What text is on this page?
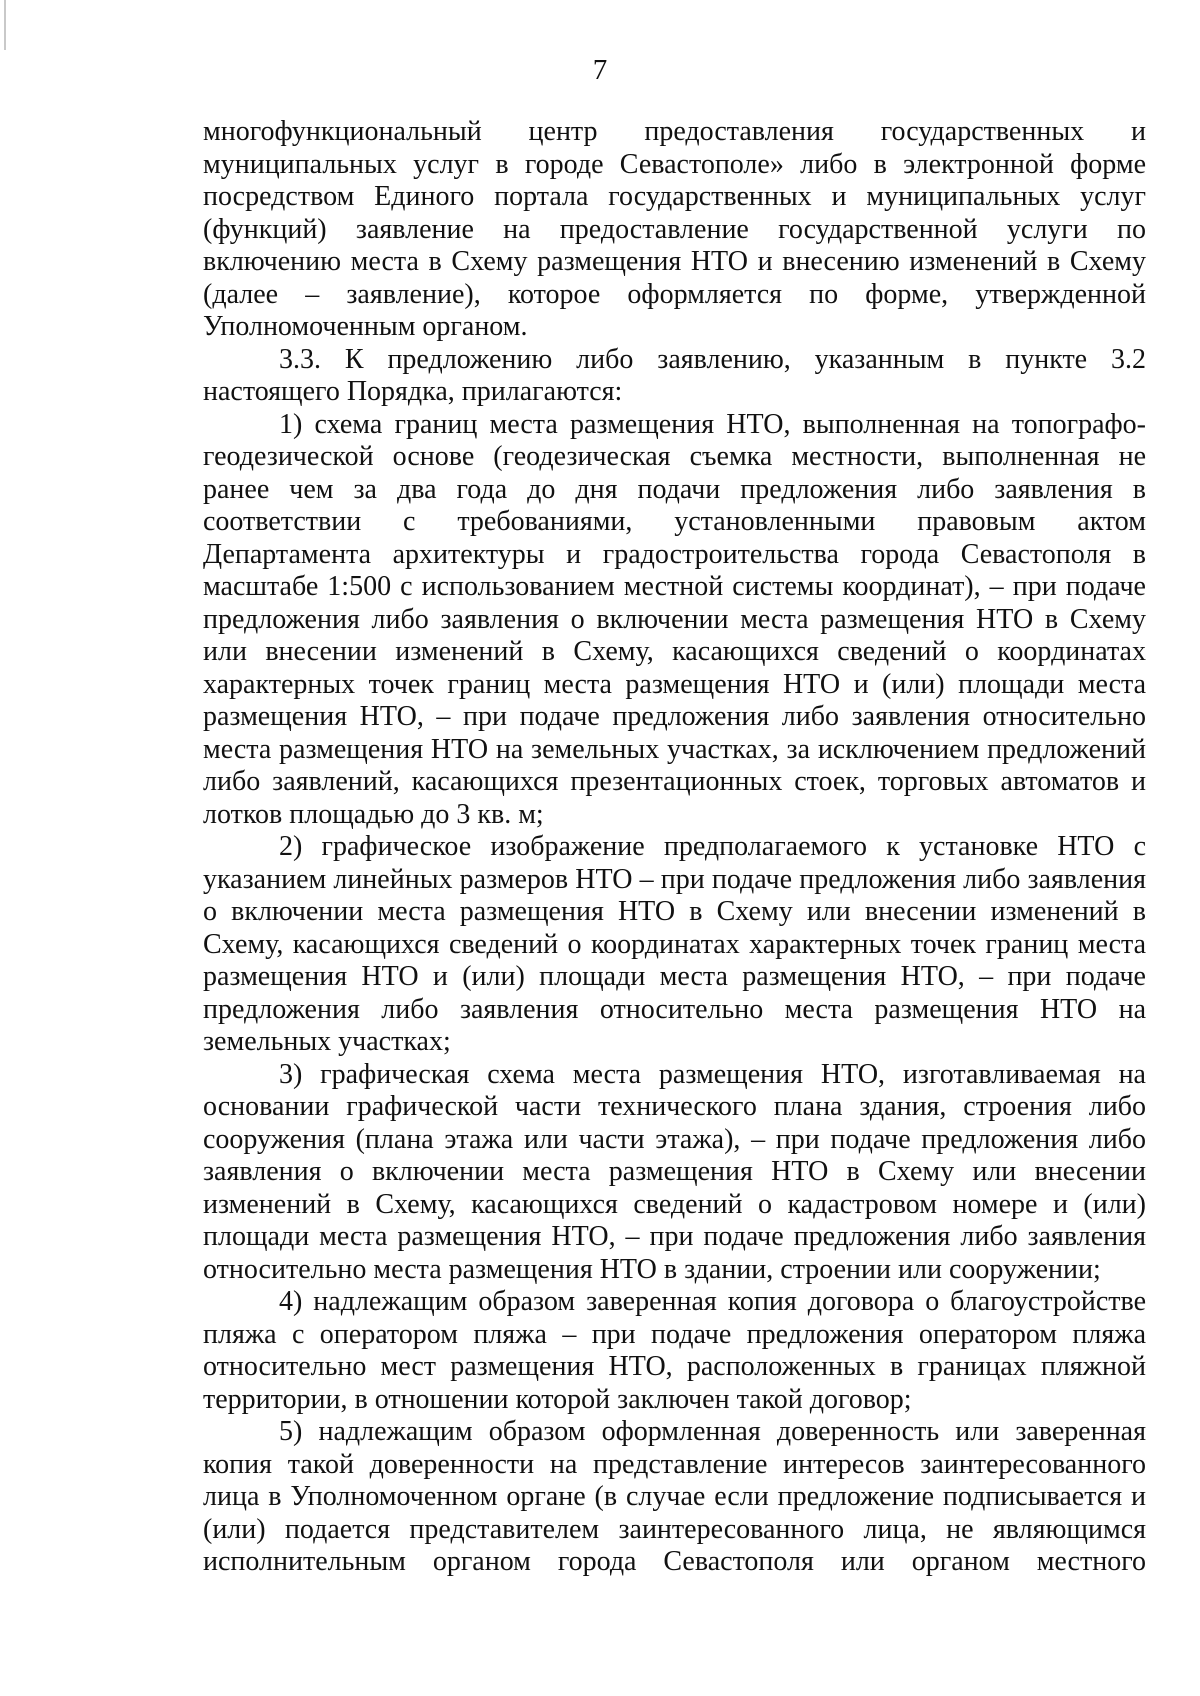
7

многофункциональный центр предоставления государственных и муниципальных услуг в городе Севастополе» либо в электронной форме посредством Единого портала государственных и муниципальных услуг (функций) заявление на предоставление государственной услуги по включению места в Схему размещения НТО и внесению изменений в Схему (далее – заявление), которое оформляется по форме, утвержденной Уполномоченным органом.

3.3. К предложению либо заявлению, указанным в пункте 3.2 настоящего Порядка, прилагаются:

1) схема границ места размещения НТО, выполненная на топографо-геодезической основе (геодезическая съемка местности, выполненная не ранее чем за два года до дня подачи предложения либо заявления в соответствии с требованиями, установленными правовым актом Департамента архитектуры и градостроительства города Севастополя в масштабе 1:500 с использованием местной системы координат), – при подаче предложения либо заявления о включении места размещения НТО в Схему или внесении изменений в Схему, касающихся сведений о координатах характерных точек границ места размещения НТО и (или) площади места размещения НТО, – при подаче предложения либо заявления относительно места размещения НТО на земельных участках, за исключением предложений либо заявлений, касающихся презентационных стоек, торговых автоматов и лотков площадью до 3 кв. м;

2) графическое изображение предполагаемого к установке НТО с указанием линейных размеров НТО – при подаче предложения либо заявления о включении места размещения НТО в Схему или внесении изменений в Схему, касающихся сведений о координатах характерных точек границ места размещения НТО и (или) площади места размещения НТО, – при подаче предложения либо заявления относительно места размещения НТО на земельных участках;

3) графическая схема места размещения НТО, изготавливаемая на основании графической части технического плана здания, строения либо сооружения (плана этажа или части этажа), – при подаче предложения либо заявления о включении места размещения НТО в Схему или внесении изменений в Схему, касающихся сведений о кадастровом номере и (или) площади места размещения НТО, – при подаче предложения либо заявления относительно места размещения НТО в здании, строении или сооружении;

4) надлежащим образом заверенная копия договора о благоустройстве пляжа с оператором пляжа – при подаче предложения оператором пляжа относительно мест размещения НТО, расположенных в границах пляжной территории, в отношении которой заключен такой договор;

5) надлежащим образом оформленная доверенность или заверенная копия такой доверенности на представление интересов заинтересованного лица в Уполномоченном органе (в случае если предложение подписывается и (или) подается представителем заинтересованного лица, не являющимся исполнительным органом города Севастополя или органом местного
